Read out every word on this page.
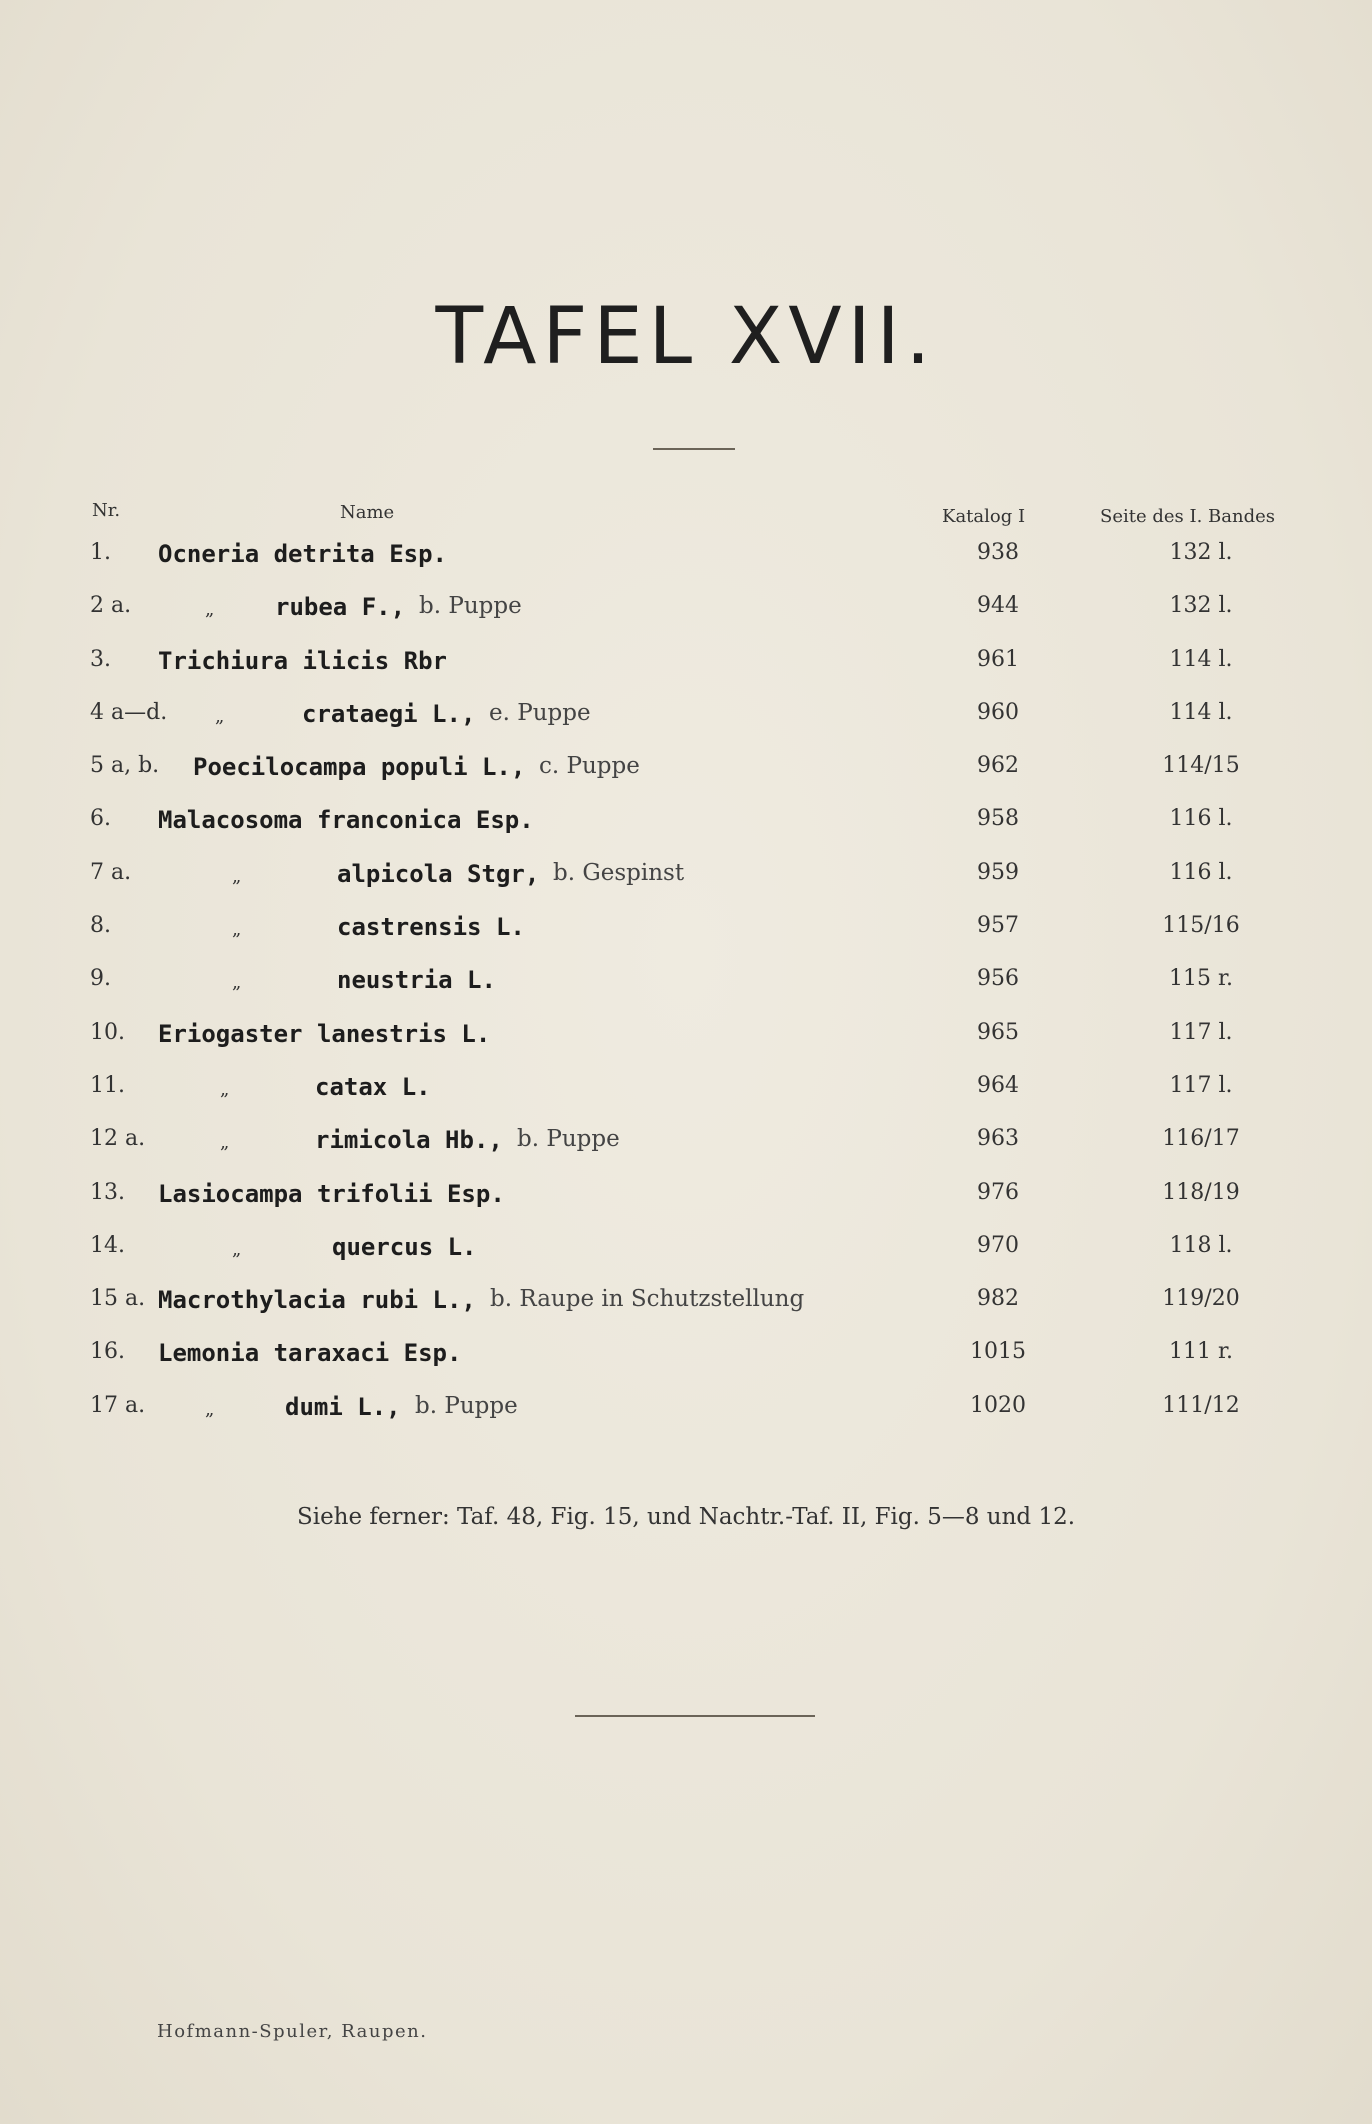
TAFEL XVII.
Nr.	Name	Katalog I	Seite des I. Bandes
1. Ocneria detrita Esp.	938	132 l.
2 a.	„	rubea F., b. Puppe	944	132 l.
3. Trichiura ilicis Rbr	961	114 l.
4 a—d.	„	crataegi L., e. Puppe	960	114 l.
5 a, b. Poecilocampa populi L., c. Puppe	962	114/15
6. Malacosoma franconica Esp.	958	116 l.
7 a.	„	alpicola Stgr, b. Gespinst	959	116 l.
8.	„	castrensis L.	957	115/16
9.	„	neustria L.	956	115 r.
10. Eriogaster lanestris L.	965	117 l.
11.	„	catax L.	964	117 l.
12 a.	„	rimicola Hb., b. Puppe	963	116/17
13. Lasiocampa trifolii Esp.	976	118/19
14.	„	quercus L.	970	118 l.
15 a. Macrothylacia rubi L., b. Raupe in Schutzstellung	982	119/20
16. Lemonia taraxaci Esp.	1015	111 r.
17 a.	„	dumi L., b. Puppe	1020	111/12
Siehe ferner: Taf. 48, Fig. 15, und Nachtr.-Taf. II, Fig. 5—8 und 12.
Hofmann-Spuler, Raupen.
